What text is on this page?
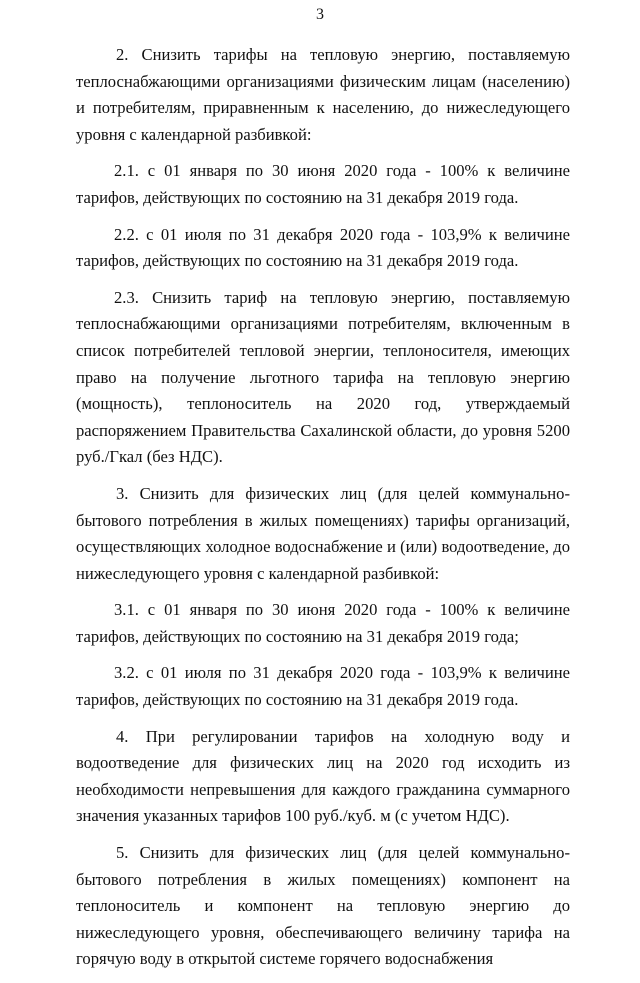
3

2. Снизить тарифы на тепловую энергию, поставляемую теплоснабжающими организациями физическим лицам (населению) и потребителям, приравненным к населению, до нижеследующего уровня с календарной разбивкой:

2.1. с 01 января по 30 июня 2020 года - 100% к величине тарифов, действующих по состоянию на 31 декабря 2019 года.

2.2. с 01 июля по 31 декабря 2020 года - 103,9% к величине тарифов, действующих по состоянию на 31 декабря 2019 года.

2.3. Снизить тариф на тепловую энергию, поставляемую теплоснабжающими организациями потребителям, включенным в список потребителей тепловой энергии, теплоносителя, имеющих право на получение льготного тарифа на тепловую энергию (мощность), теплоноситель на 2020 год, утверждаемый распоряжением Правительства Сахалинской области, до уровня 5200 руб./Гкал (без НДС).

3. Снизить для физических лиц (для целей коммунально-бытового потребления в жилых помещениях) тарифы организаций, осуществляющих холодное водоснабжение и (или) водоотведение, до нижеследующего уровня с календарной разбивкой:

3.1. с 01 января по 30 июня 2020 года - 100% к величине тарифов, действующих по состоянию на 31 декабря 2019 года;

3.2. с 01 июля по 31 декабря 2020 года - 103,9% к величине тарифов, действующих по состоянию на 31 декабря 2019 года.

4. При регулировании тарифов на холодную воду и водоотведение для физических лиц на 2020 год исходить из необходимости непревышения для каждого гражданина суммарного значения указанных тарифов 100 руб./куб. м (с учетом НДС).

5. Снизить для физических лиц (для целей коммунально-бытового потребления в жилых помещениях) компонент на теплоноситель и компонент на тепловую энергию до нижеследующего уровня, обеспечивающего величину тарифа на горячую воду в открытой системе горячего водоснабжения
